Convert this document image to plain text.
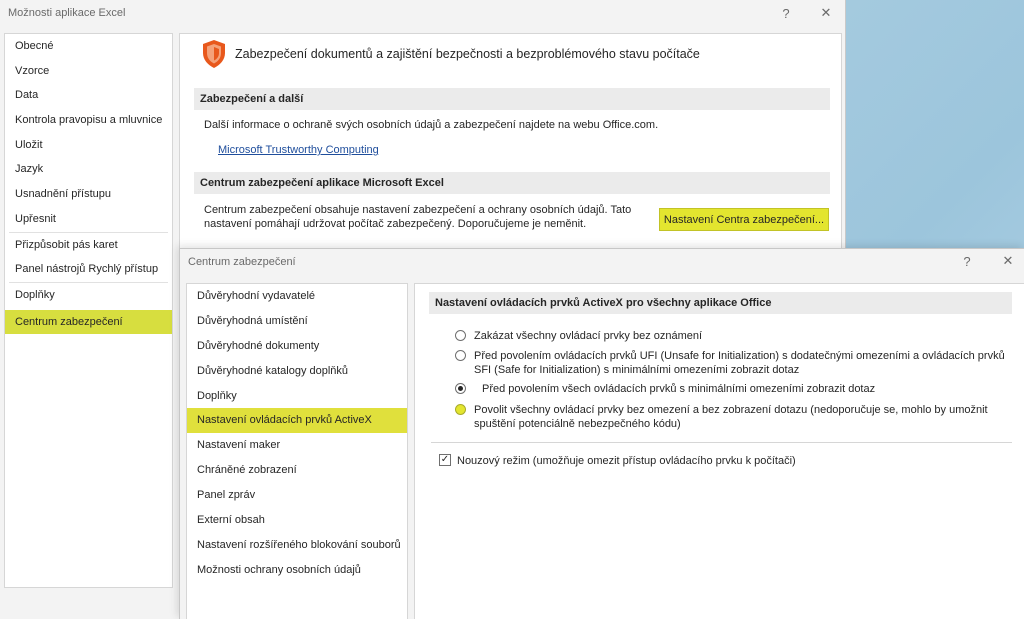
Možnosti aplikace Excel	?	✕
Obecné
Vzorce
Data
Kontrola pravopisu a mluvnice
Uložit
Jazyk
Usnadnění přístupu
Upřesnit
Přizpůsobit pás karet
Panel nástrojů Rychlý přístup
Doplňky
Centrum zabezpečení
Zabezpečení dokumentů a zajištění bezpečnosti a bezproblémového stavu počítače
Zabezpečení a další
Další informace o ochraně svých osobních údajů a zabezpečení najdete na webu Office.com.
Microsoft Trustworthy Computing
Centrum zabezpečení aplikace Microsoft Excel
Centrum zabezpečení obsahuje nastavení zabezpečení a ochrany osobních údajů. Tato
nastavení pomáhají udržovat počítač zabezpečený. Doporučujeme je neměnit.	Nastavení Centra zabezpečení...
Centrum zabezpečení	?	✕
Důvěryhodní vydavatelé
Důvěryhodná umístění
Důvěryhodné dokumenty
Důvěryhodné katalogy doplňků
Doplňky
Nastavení ovládacích prvků ActiveX
Nastavení maker
Chráněné zobrazení
Panel zpráv
Externí obsah
Nastavení rozšířeného blokování souborů
Možnosti ochrany osobních údajů
Nastavení ovládacích prvků ActiveX pro všechny aplikace Office
Zakázat všechny ovládací prvky bez oznámení
Před povolením ovládacích prvků UFI (Unsafe for Initialization) s dodatečnými omezeními a ovládacích prvků SFI (Safe for Initialization) s minimálními omezeními zobrazit dotaz
Před povolením všech ovládacích prvků s minimálními omezeními zobrazit dotaz
Povolit všechny ovládací prvky bez omezení a bez zobrazení dotazu (nedoporučuje se, mohlo by umožnit spuštění potenciálně nebezpečného kódu)
✓ Nouzový režim (umožňuje omezit přístup ovládacího prvku k počítači)
